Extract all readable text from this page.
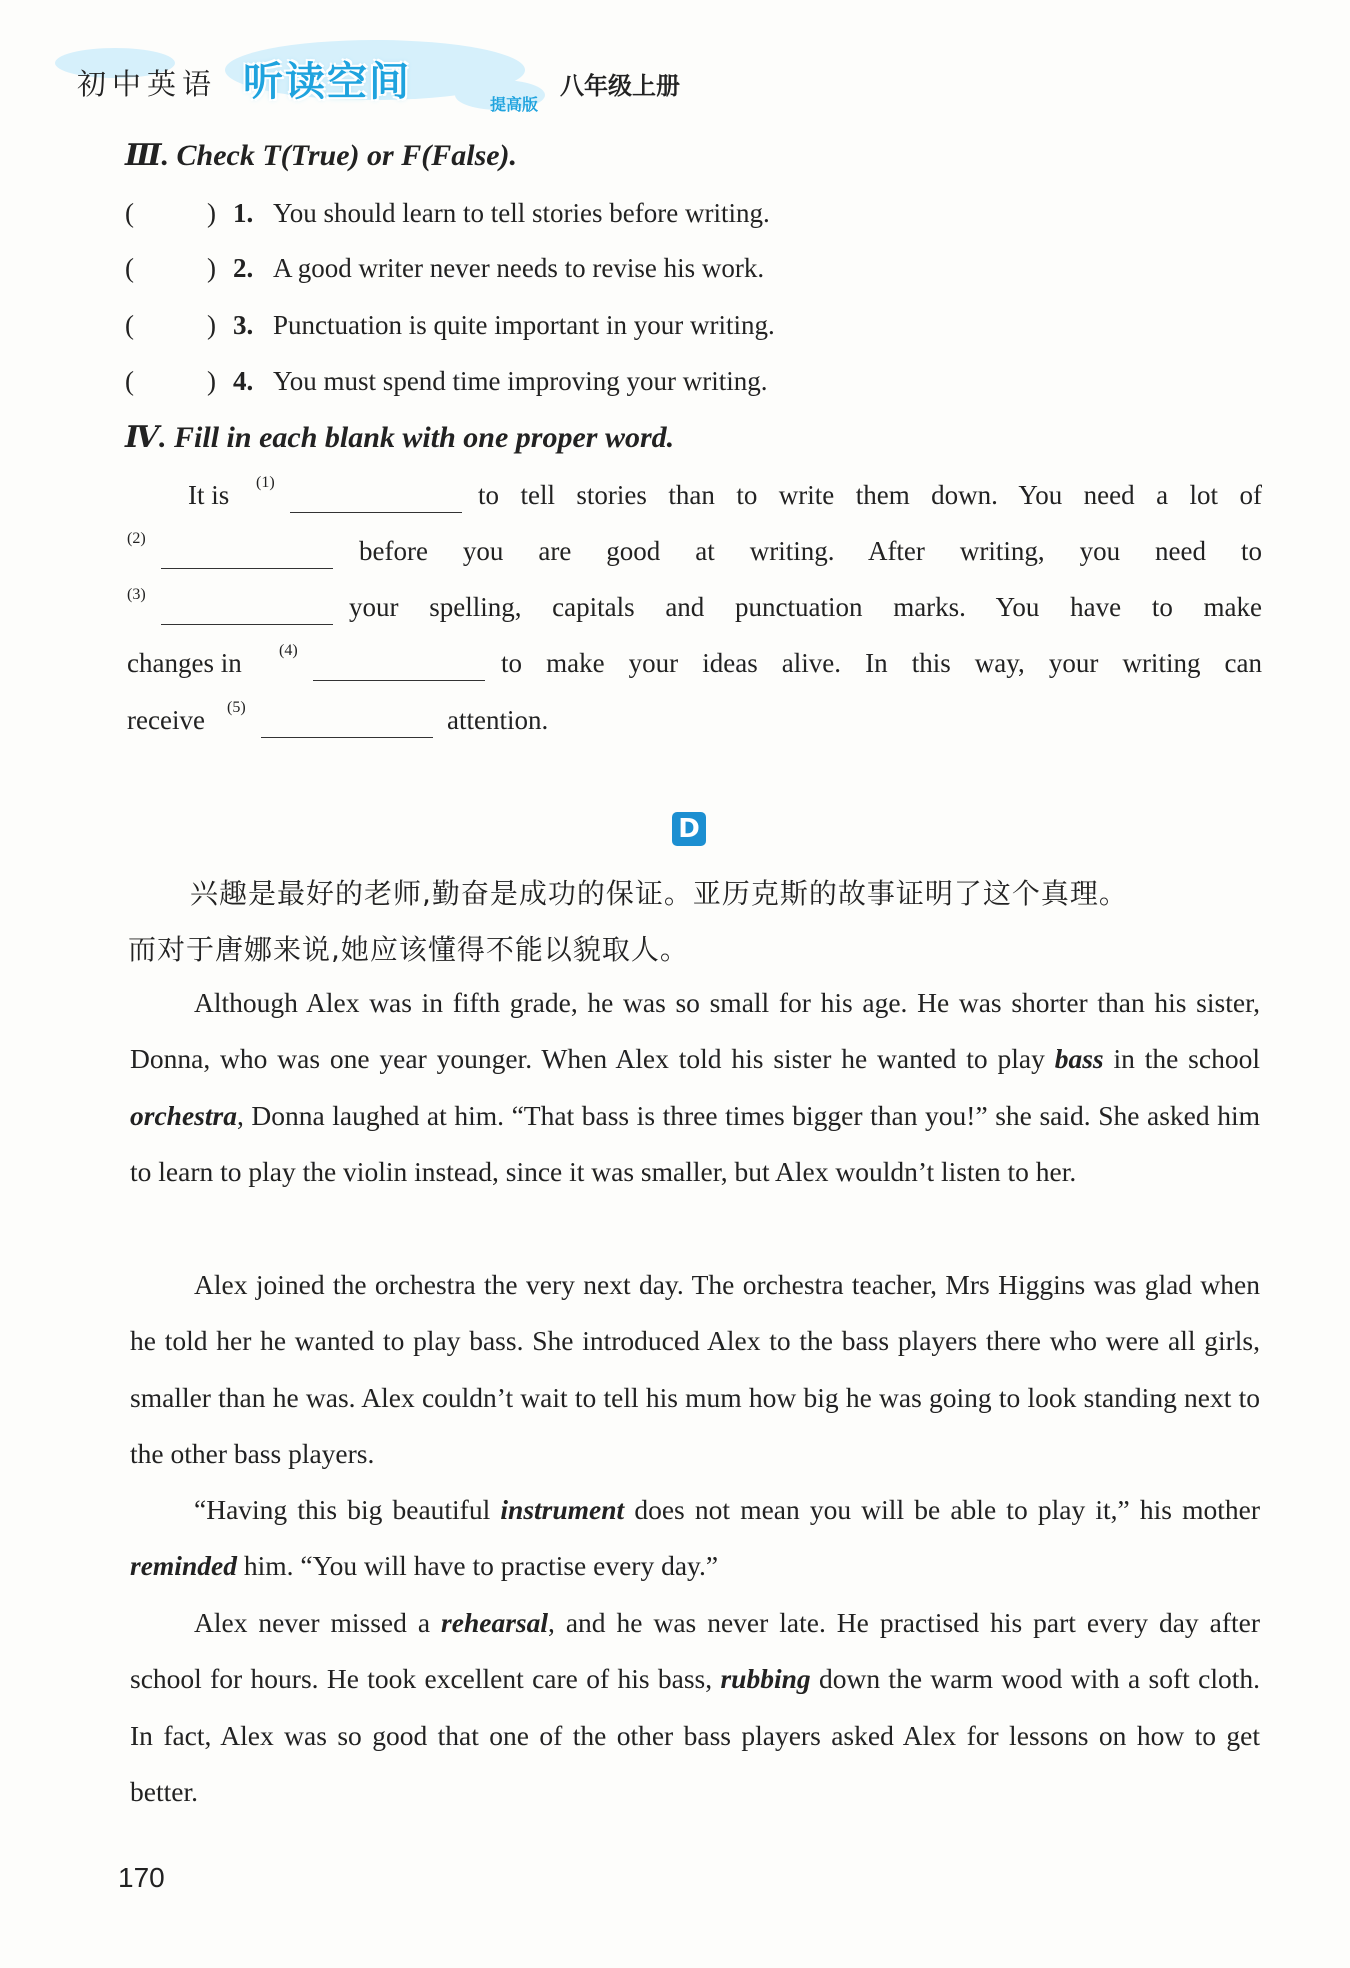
初中英语 听读空间	提高版
八年级上册
Ⅲ. Check T(True) or F(False).
(	) 1. You should learn to tell stories before writing.
(	) 2. A good writer never needs to revise his work.
(	) 3. Punctuation is quite important in your writing.
(	) 4. You must spend time improving your writing.
Ⅳ. Fill in each blank with one proper word.
It is (1)	to tell stories than to write them down. You need a lot of
(2)	before you are good at writing. After writing, you need to
(3)	your spelling, capitals and punctuation marks. You have to make
changes in (4)	to make your ideas alive. In this way, your writing can
receive (5)	attention.
D
兴趣是最好的老师,勤奋是成功的保证。亚历克斯的故事证明了这个真理。
而对于唐娜来说,她应该懂得不能以貌取人。
Although Alex was in fifth grade, he was so small for his age. He was shorter than his sister, Donna, who was one year younger. When Alex told his sister he wanted to play bass in the school orchestra, Donna laughed at him. “That bass is three times bigger than you!” she said. She asked him to learn to play the violin instead, since it was smaller, but Alex wouldn’t listen to her.
Alex joined the orchestra the very next day. The orchestra teacher, Mrs Higgins was glad when he told her he wanted to play bass. She introduced Alex to the bass players there who were all girls, smaller than he was. Alex couldn’t wait to tell his mum how big he was going to look standing next to the other bass players.
“Having this big beautiful instrument does not mean you will be able to play it,” his mother reminded him. “You will have to practise every day.”
Alex never missed a rehearsal, and he was never late. He practised his part every day after school for hours. He took excellent care of his bass, rubbing down the warm wood with a soft cloth. In fact, Alex was so good that one of the other bass players asked Alex for lessons on how to get better.
170
